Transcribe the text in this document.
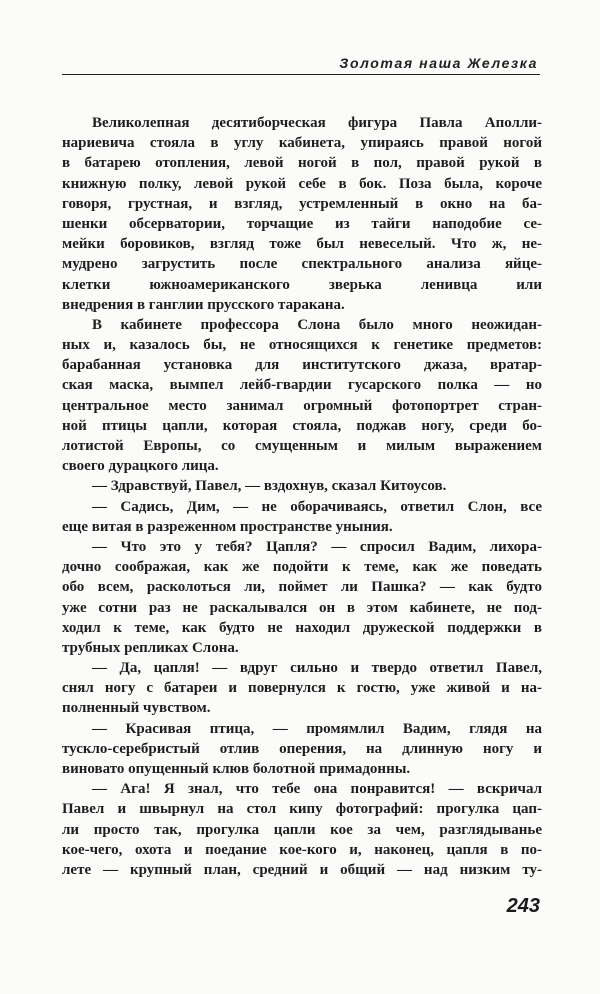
Золотая наша Железка
Великолепная десятиборческая фигура Павла Аполли-
нариевича стояла в углу кабинета, упираясь правой ногой
в батарею отопления, левой ногой в пол, правой рукой в
книжную полку, левой рукой себе в бок. Поза была, короче
говоря, грустная, и взгляд, устремленный в окно на ба-
шенки обсерватории, торчащие из тайги наподобие се-
мейки боровиков, взгляд тоже был невеселый. Что ж, не-
мудрено загрустить после спектрального анализа яйце-
клетки южноамериканского зверька ленивца или
внедрения в ганглии прусского таракана.
В кабинете профессора Слона было много неожидан-
ных и, казалось бы, не относящихся к генетике предметов:
барабанная установка для институтского джаза, вратар-
ская маска, вымпел лейб-гвардии гусарского полка — но
центральное место занимал огромный фотопортрет стран-
ной птицы цапли, которая стояла, поджав ногу, среди бо-
лотистой Европы, со смущенным и милым выражением
своего дурацкого лица.
— Здравствуй, Павел, — вздохнув, сказал Китоусов.
— Садись, Дим, — не оборачиваясь, ответил Слон, все
еще витая в разреженном пространстве уныния.
— Что это у тебя? Цапля? — спросил Вадим, лихора-
дочно соображая, как же подойти к теме, как же поведать
обо всем, расколоться ли, поймет ли Пашка? — как будто
уже сотни раз не раскалывался он в этом кабинете, не под-
ходил к теме, как будто не находил дружеской поддержки в
трубных репликах Слона.
— Да, цапля! — вдруг сильно и твердо ответил Павел,
снял ногу с батареи и повернулся к гостю, уже живой и на-
полненный чувством.
— Красивая птица, — промямлил Вадим, глядя на
тускло-серебристый отлив оперения, на длинную ногу и
виновато опущенный клюв болотной примадонны.
— Ага! Я знал, что тебе она понравится! — вскричал
Павел и швырнул на стол кипу фотографий: прогулка цап-
ли просто так, прогулка цапли кое за чем, разглядыванье
кое-чего, охота и поедание кое-кого и, наконец, цапля в по-
лете — крупный план, средний и общий — над низким ту-
243
